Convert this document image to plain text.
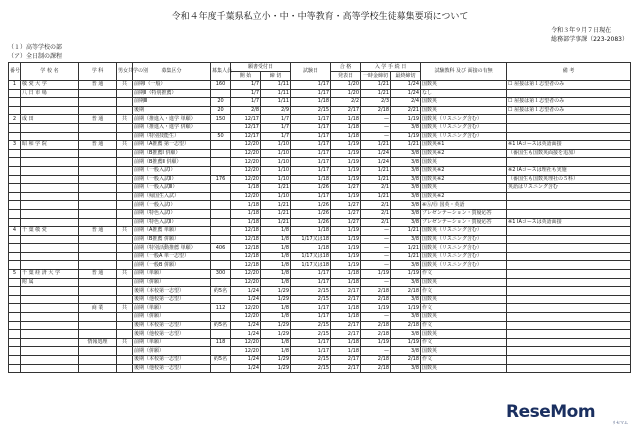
令和４年度千葉県私立小・中・中等教育・高等学校生徒募集要項について
令和３年９月７日現在
総務部学事課（223-2083）
（１）高等学校の部
（ア）全日制の課程
番号	学 校 名	学 科	男女共学の別	募集区分	募集人員	願書受付日		試験日	合 格	入 学 手 続 日		試験教科 及び 面接の有無	備 考
						開 始	締 切		発表日	一時金締切	最終締切		
1	敬 愛 大 学	普 通	共	前期Ⅰ（一般）	160	1/7	1/11	1/17	1/20	1/21	1/24	国数英	☐ 屋接は第１志望者のみ
	八 日 市 場			前期Ⅱ（特別推薦）		1/7	1/11	1/17	1/20	1/21	1/24	なし	
				前期Ⅲ	20	1/7	1/11	1/18	2/2	2/3	2/4	国数英	☐ 屋接は第１志望者のみ
				後期	20	2/8	2/9	2/15	2/17	2/18	2/21	国数英	☐ 屋接は第１志望者のみ
2	成 田	普 通	共	前期（推進入・進学 単願）	150	12/17	1/7	1/17	1/18	—	1/19	国数英（リスニング含む）	
				前期（推進入・進学 併願）		12/17	1/7	1/17	1/18	—	3/8	国数英（リスニング含む）	
				前期（特別技能生）	50	12/17	1/7	1/17	1/18	—	1/19	国数英（リスニング含む）	
3	昭 和 学 院	普 通	共	前期（A推薦 第一志望）		12/20	1/10	1/17	1/19	1/21	1/21	国数英※1	※1 IAコースは英語面接
				前期（B推薦Ⅰ 併願）		12/20	1/10	1/17	1/19	1/24	3/8	国数英※2	（番国生も国数英面接を追加）
				前期（B推薦Ⅱ 併願）		12/20	1/10	1/17	1/19	1/24	3/8	国数英	
				前期（一般入試Ⅰ）		12/20	1/10	1/17	1/19	1/21	3/8	国数英※2	※2 IAコースは理社も実施
				前期（一般入試Ⅱ）	176	12/20	1/10	1/18	1/19	1/21	3/8	国数英※2	（番国生も国数英理社の５科）
				前期（一般入試Ⅲ）		1/18	1/21	1/26	1/27	2/1	3/8	国数英	英語はリスニング含む
				前期（帰国生入試）		12/20	1/10	1/17	1/19	1/21	3/8	国数英※2	
				前期（一般入試Ⅰ）		1/18	1/21	1/26	1/27	2/1	3/8	※Ⓐ/Ⓑ 国英・英語	
				前期（特色入試Ⅰ）		1/18	1/21	1/26	1/27	2/1	3/8	プレゼンテーション・質疑応答	
				前期（特色入試Ⅱ）		1/18	1/21	1/26	1/27	2/1	3/8	プレゼンテーション・質疑応答	※1 IAコースは英語面接
4	千 葉 敬 愛	普 通	共	前期（A推薦 単願）		12/18	1/8	1/18	1/19	—	1/21	国数英（リスニング含む）	
				前期（B推薦 併願）		12/18	1/8	1/17又は18	1/19	—	3/8	国数英（リスニング含む）	
				前期（特別活動推薦 単願）	406	12/18	1/8	1/18	1/19	—	1/21	国数英（リスニング含む）	
				前期（一般A 単一志望）		12/18	1/8	1/17又は18	1/19	—	1/21	国数英（リスニング含む）	
				前期（一般B 併願）		12/18	1/8	1/17又は18	1/19	—	3/8	国数英（リスニング含む）	
5	千 葉 経 済 大 学	普 通	共	前期（単願）	300	12/20	1/8	1/17	1/18	1/19	1/19	作文	
	附 属			前期（併願）		12/20	1/8	1/17	1/18	—	3/8	国数英	
				後期（本校第一志望）	約5名	1/24	1/29	2/15	2/17	2/18	2/18	作文	
				後期（他校第一志望）		1/24	1/29	2/15	2/17	2/18	3/8	国数英	
		商 業	共	前期（単願）	112	12/20	1/8	1/17	1/18	1/19	1/19	作文	
				前期（併願）		12/20	1/8	1/17	1/18	—	3/8	国数英	
				後期（本校第一志望）	約5名	1/24	1/29	2/15	2/17	2/18	2/18	作文	
				後期（他校第一志望）		1/24	1/29	2/15	2/17	2/18	3/8	国数英	
		情報処理	共	前期（単願）	118	12/20	1/8	1/17	1/18	1/19	1/19	作文	
				前期（併願）		12/20	1/8	1/17	1/18	—	3/8	国数英	
				後期（本校第一志望）	約5名	1/24	1/29	2/15	2/17	2/18	2/18	作文	
				後期（他校第一志望）		1/24	1/29	2/15	2/17	2/18	3/8	国数英	
ReseMom
リセマム
